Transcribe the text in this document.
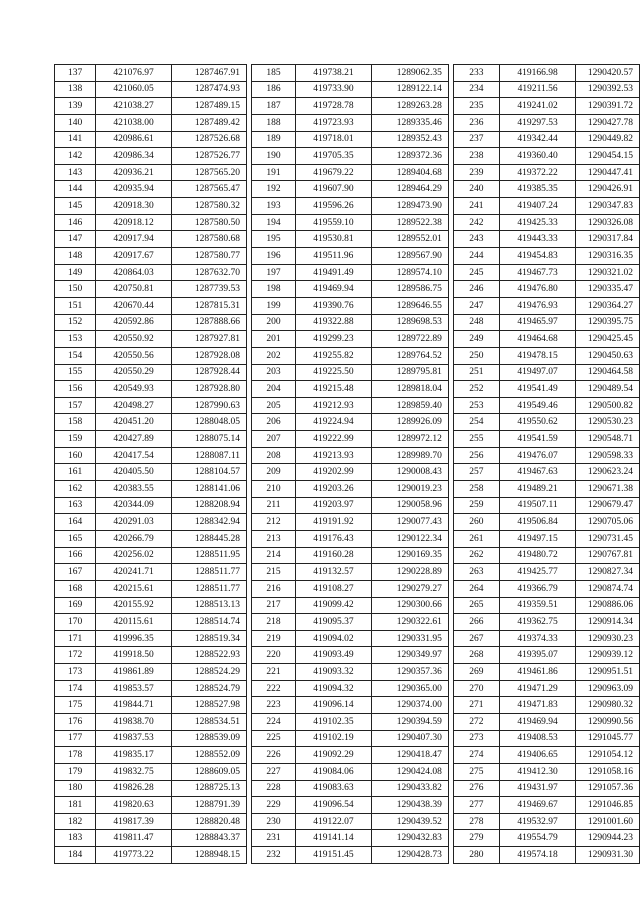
137	421076.97	1287467.91
138	421060.05	1287474.93
139	421038.27	1287489.15
140	421038.00	1287489.42
141	420986.61	1287526.68
142	420986.34	1287526.77
143	420936.21	1287565.20
144	420935.94	1287565.47
145	420918.30	1287580.32
146	420918.12	1287580.50
147	420917.94	1287580.68
148	420917.67	1287580.77
149	420864.03	1287632.70
150	420750.81	1287739.53
151	420670.44	1287815.31
152	420592.86	1287888.66
153	420550.92	1287927.81
154	420550.56	1287928.08
155	420550.29	1287928.44
156	420549.93	1287928.80
157	420498.27	1287990.63
158	420451.20	1288048.05
159	420427.89	1288075.14
160	420417.54	1288087.11
161	420405.50	1288104.57
162	420383.55	1288141.06
163	420344.09	1288208.94
164	420291.03	1288342.94
165	420266.79	1288445.28
166	420256.02	1288511.95
167	420241.71	1288511.77
168	420215.61	1288511.77
169	420155.92	1288513.13
170	420115.61	1288514.74
171	419996.35	1288519.34
172	419918.50	1288522.93
173	419861.89	1288524.29
174	419853.57	1288524.79
175	419844.71	1288527.98
176	419838.70	1288534.51
177	419837.53	1288539.09
178	419835.17	1288552.09
179	419832.75	1288609.05
180	419826.28	1288725.13
181	419820.63	1288791.39
182	419817.39	1288820.48
183	419811.47	1288843.37
184	419773.22	1288948.15
185	419738.21	1289062.35
186	419733.90	1289122.14
187	419728.78	1289263.28
188	419723.93	1289335.46
189	419718.01	1289352.43
190	419705.35	1289372.36
191	419679.22	1289404.68
192	419607.90	1289464.29
193	419596.26	1289473.90
194	419559.10	1289522.38
195	419530.81	1289552.01
196	419511.96	1289567.90
197	419491.49	1289574.10
198	419469.94	1289586.75
199	419390.76	1289646.55
200	419322.88	1289698.53
201	419299.23	1289722.89
202	419255.82	1289764.52
203	419225.50	1289795.81
204	419215.48	1289818.04
205	419212.93	1289859.40
206	419224.94	1289926.09
207	419222.99	1289972.12
208	419213.93	1289989.70
209	419202.99	1290008.43
210	419203.26	1290019.23
211	419203.97	1290058.96
212	419191.92	1290077.43
213	419176.43	1290122.34
214	419160.28	1290169.35
215	419132.57	1290228.89
216	419108.27	1290279.27
217	419099.42	1290300.66
218	419095.37	1290322.61
219	419094.02	1290331.95
220	419093.49	1290349.97
221	419093.32	1290357.36
222	419094.32	1290365.00
223	419096.14	1290374.00
224	419102.35	1290394.59
225	419102.19	1290407.30
226	419092.29	1290418.47
227	419084.06	1290424.08
228	419083.63	1290433.82
229	419096.54	1290438.39
230	419122.07	1290439.52
231	419141.14	1290432.83
232	419151.45	1290428.73
233	419166.98	1290420.57
234	419211.56	1290392.53
235	419241.02	1290391.72
236	419297.53	1290427.78
237	419342.44	1290449.82
238	419360.40	1290454.15
239	419372.22	1290447.41
240	419385.35	1290426.91
241	419407.24	1290347.83
242	419425.33	1290326.08
243	419443.33	1290317.84
244	419454.83	1290316.35
245	419467.73	1290321.02
246	419476.80	1290335.47
247	419476.93	1290364.27
248	419465.97	1290395.75
249	419464.68	1290425.45
250	419478.15	1290450.63
251	419497.07	1290464.58
252	419541.49	1290489.54
253	419549.46	1290500.82
254	419550.62	1290530.23
255	419541.59	1290548.71
256	419476.07	1290598.33
257	419467.63	1290623.24
258	419489.21	1290671.38
259	419507.11	1290679.47
260	419506.84	1290705.06
261	419497.15	1290731.45
262	419480.72	1290767.81
263	419425.77	1290827.34
264	419366.79	1290874.74
265	419359.51	1290886.06
266	419362.75	1290914.34
267	419374.33	1290930.23
268	419395.07	1290939.12
269	419461.86	1290951.51
270	419471.29	1290963.09
271	419471.83	1290980.32
272	419469.94	1290990.56
273	419408.53	1291045.77
274	419406.65	1291054.12
275	419412.30	1291058.16
276	419431.97	1291057.36
277	419469.67	1291046.85
278	419532.97	1291001.60
279	419554.79	1290944.23
280	419574.18	1290931.30
